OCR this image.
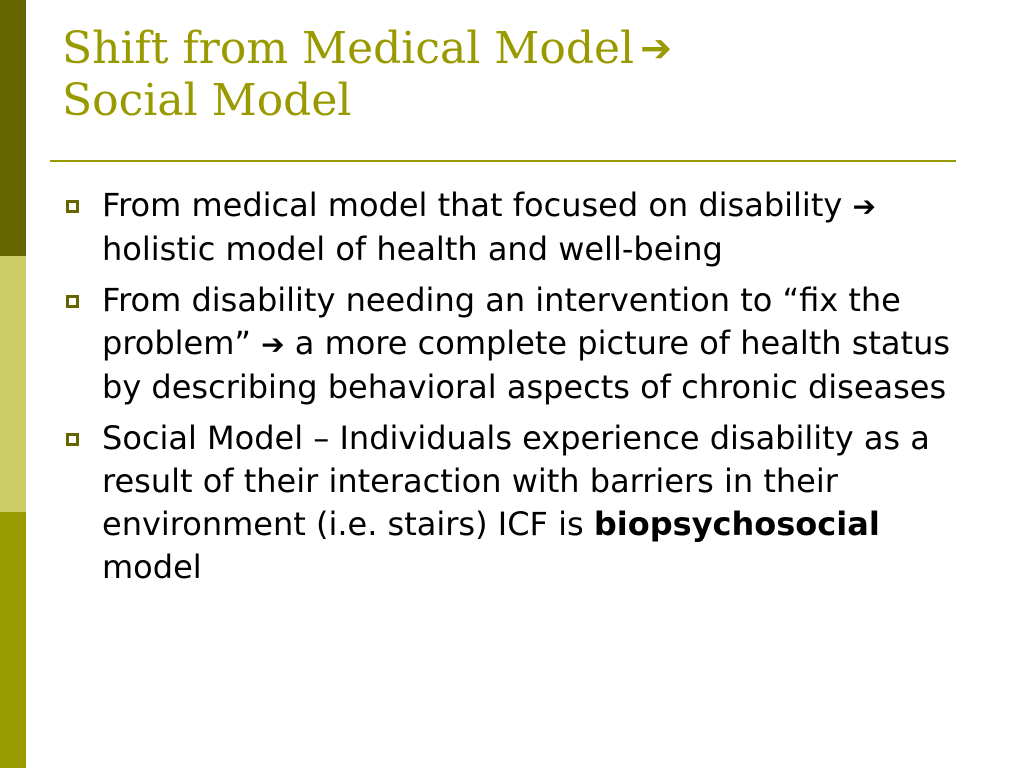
Shift from Medical Model ➔
Social Model
From medical model that focused on disability ➔ holistic model of health and well-being
From disability needing an intervention to “fix the problem” ➔ a more complete picture of health status by describing behavioral aspects of chronic diseases
Social Model – Individuals experience disability as a result of their interaction with barriers in their environment (i.e. stairs) ICF is biopsychosocial model
